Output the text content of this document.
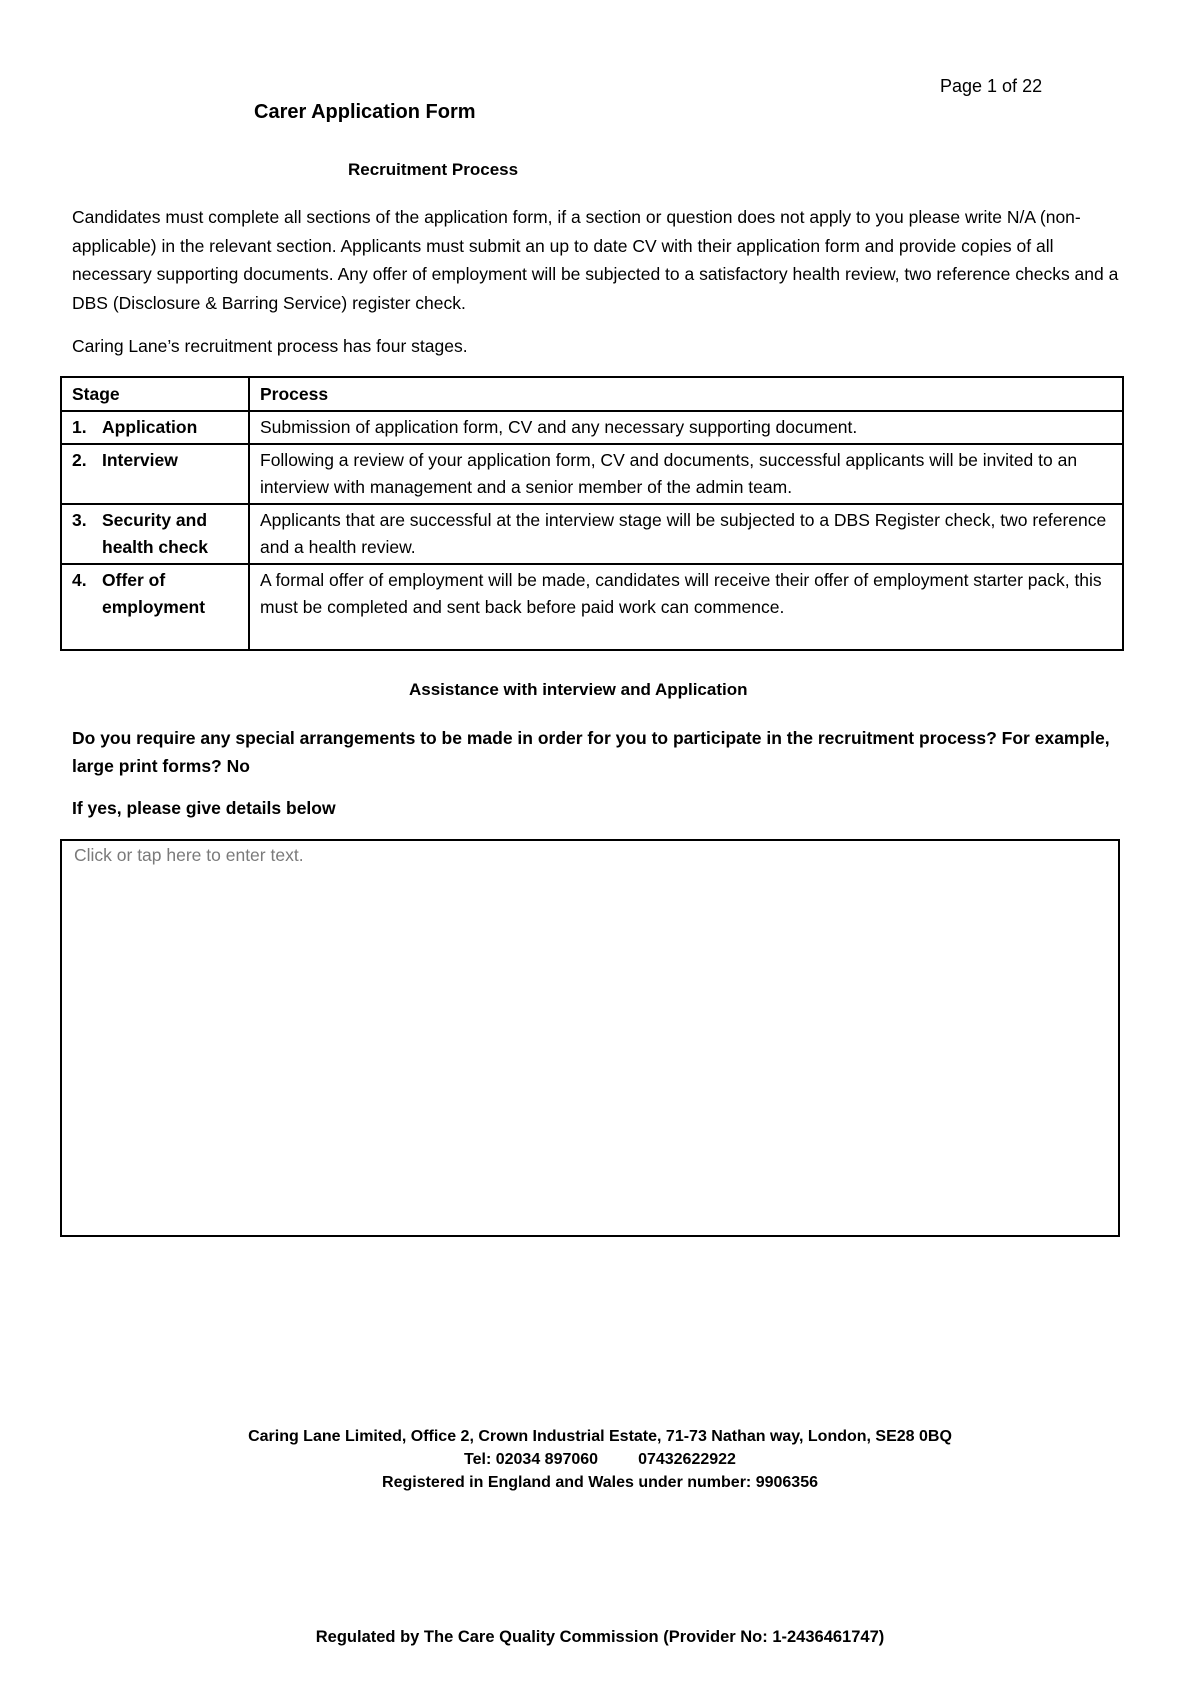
Page 1 of 22
Carer Application Form
Recruitment Process

Candidates must complete all sections of the application form, if a section or question does not apply to you please write N/A (non-applicable) in the relevant section. Applicants must submit an up to date CV with their application form and provide copies of all necessary supporting documents. Any offer of employment will be subjected to a satisfactory health review, two reference checks and a DBS (Disclosure & Barring Service) register check.

Caring Lane’s recruitment process has four stages.
Stage	Process

1. Application	Submission of application form, CV and any necessary supporting document.

2. Interview	Following a review of your application form, CV and documents, successful applicants will be invited to an interview with management and a senior member of the admin team.

3. Security and health check	Applicants that are successful at the interview stage will be subjected to a DBS Register check, two reference and a health review.

4. Offer of employment	A formal offer of employment will be made, candidates will receive their offer of employment starter pack, this must be completed and sent back before paid work can commence.
Assistance with interview and Application
Do you require any special arrangements to be made in order for you to participate in the recruitment process? For example, large print forms? No
If yes, please give details below
Click or tap here to enter text.
Caring Lane Limited, Office 2, Crown Industrial Estate, 71-73 Nathan way, London, SE28 0BQ
Tel: 02034 897060	07432622922
Registered in England and Wales under number: 9906356
Regulated by The Care Quality Commission (Provider No: 1-2436461747)
